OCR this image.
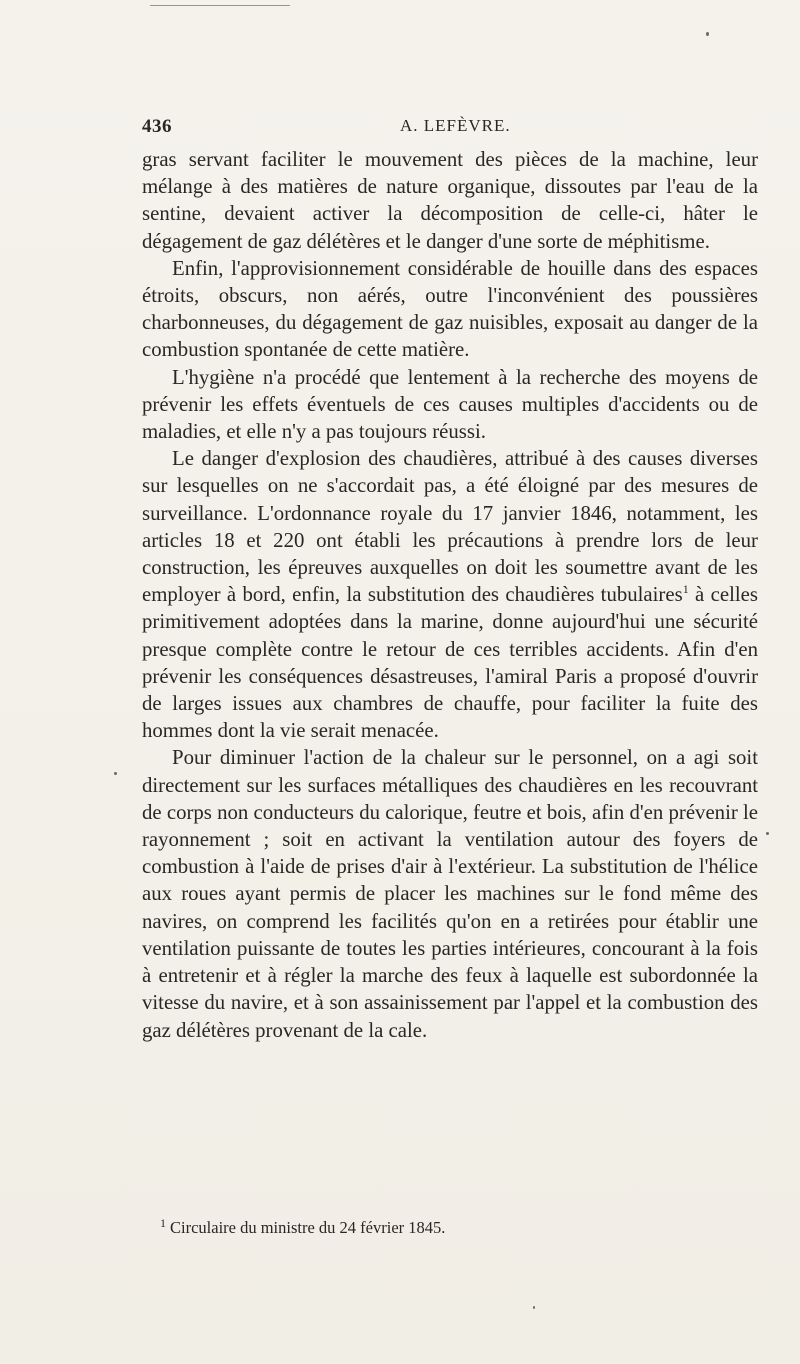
436	A. LEFÈVRE.

gras servant faciliter le mouvement des pièces de la machine, leur mélange à des matières de nature organique, dissoutes par l'eau de la sentine, devaient activer la décomposition de celle-ci, hâter le dégagement de gaz délétères et le danger d'une sorte de méphitisme.

Enfin, l'approvisionnement considérable de houille dans des espaces étroits, obscurs, non aérés, outre l'inconvénient des poussières charbonneuses, du dégagement de gaz nuisibles, exposait au danger de la combustion spontanée de cette matière.

L'hygiène n'a procédé que lentement à la recherche des moyens de prévenir les effets éventuels de ces causes multiples d'accidents ou de maladies, et elle n'y a pas toujours réussi.

Le danger d'explosion des chaudières, attribué à des causes diverses sur lesquelles on ne s'accordait pas, a été éloigné par des mesures de surveillance. L'ordonnance royale du 17 janvier 1846, notamment, les articles 18 et 220 ont établi les précautions à prendre lors de leur construction, les épreuves auxquelles on doit les soumettre avant de les employer à bord, enfin, la substitution des chaudières tubulaires$^1$ à celles primitivement adoptées dans la marine, donne aujourd'hui une sécurité presque complète contre le retour de ces terribles accidents. Afin d'en prévenir les conséquences désastreuses, l'amiral Paris a proposé d'ouvrir de larges issues aux chambres de chauffe, pour faciliter la fuite des hommes dont la vie serait menacée.

Pour diminuer l'action de la chaleur sur le personnel, on a agi soit directement sur les surfaces métalliques des chaudières en les recouvrant de corps non conducteurs du calorique, feutre et bois, afin d'en prévenir le rayonnement ; soit en activant la ventilation autour des foyers de combustion à l'aide de prises d'air à l'extérieur. La substitution de l'hélice aux roues ayant permis de placer les machines sur le fond même des navires, on comprend les facilités qu'on en a retirées pour établir une ventilation puissante de toutes les parties intérieures, concourant à la fois à entretenir et à régler la marche des feux à laquelle est subordonnée la vitesse du navire, et à son assainissement par l'appel et la combustion des gaz délétères provenant de la cale.

$^1$ Circulaire du ministre du 24 février 1845.
